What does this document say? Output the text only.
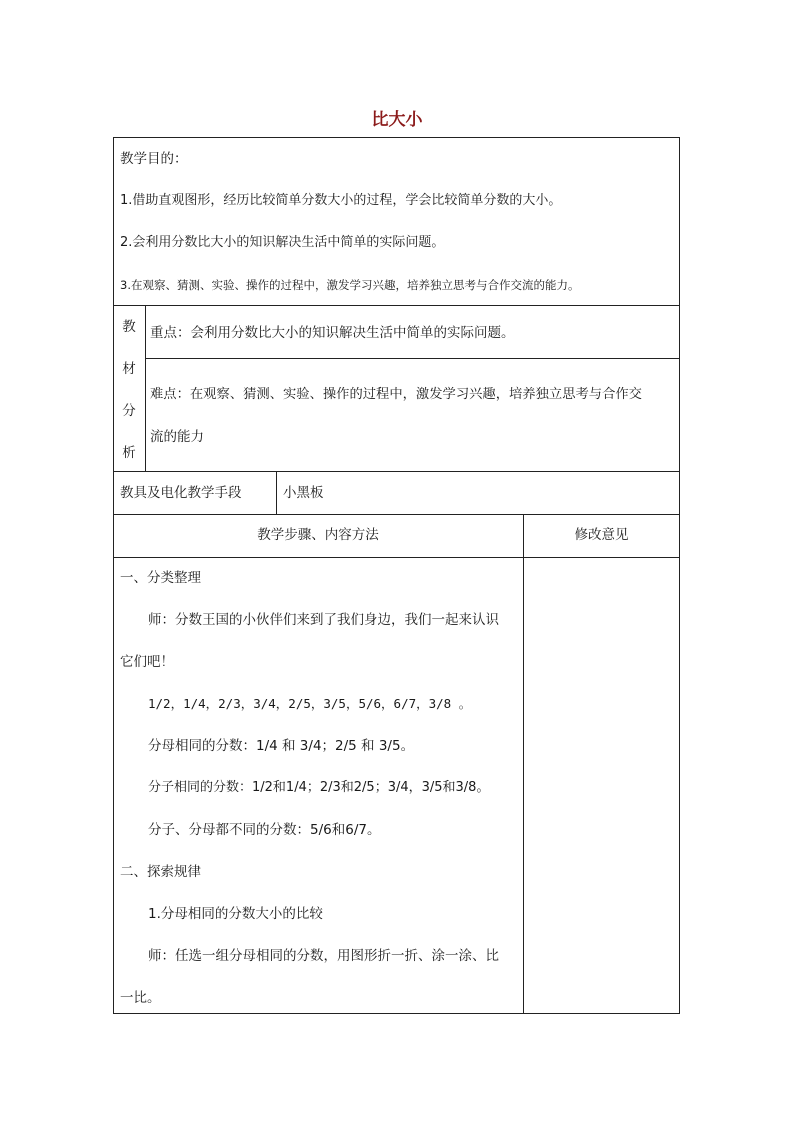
比大小
教学目的：
1.借助直观图形，经历比较简单分数大小的过程，学会比较简单分数的大小。
2.会利用分数比大小的知识解决生活中简单的实际问题。
3.在观察、猜测、实验、操作的过程中，激发学习兴趣，培养独立思考与合作交流的能力。
教
材
分
析
重点：会利用分数比大小的知识解决生活中简单的实际问题。
难点：在观察、猜测、实验、操作的过程中，激发学习兴趣，培养独立思考与合作交
流的能力
教具及电化教学手段	小黑板
教学步骤、内容方法	修改意见
一、分类整理
师：分数王国的小伙伴们来到了我们身边，我们一起来认识
它们吧！
1/2，1/4，2/3，3/4，2/5，3/5，5/6，6/7，3/8 。
分母相同的分数：1/4 和 3/4；2/5 和 3/5。
分子相同的分数：1/2和1/4；2/3和2/5；3/4，3/5和3/8。
分子、分母都不同的分数：5/6和6/7。
二、探索规律
1.分母相同的分数大小的比较
师：任选一组分母相同的分数，用图形折一折、涂一涂、比
一比。
